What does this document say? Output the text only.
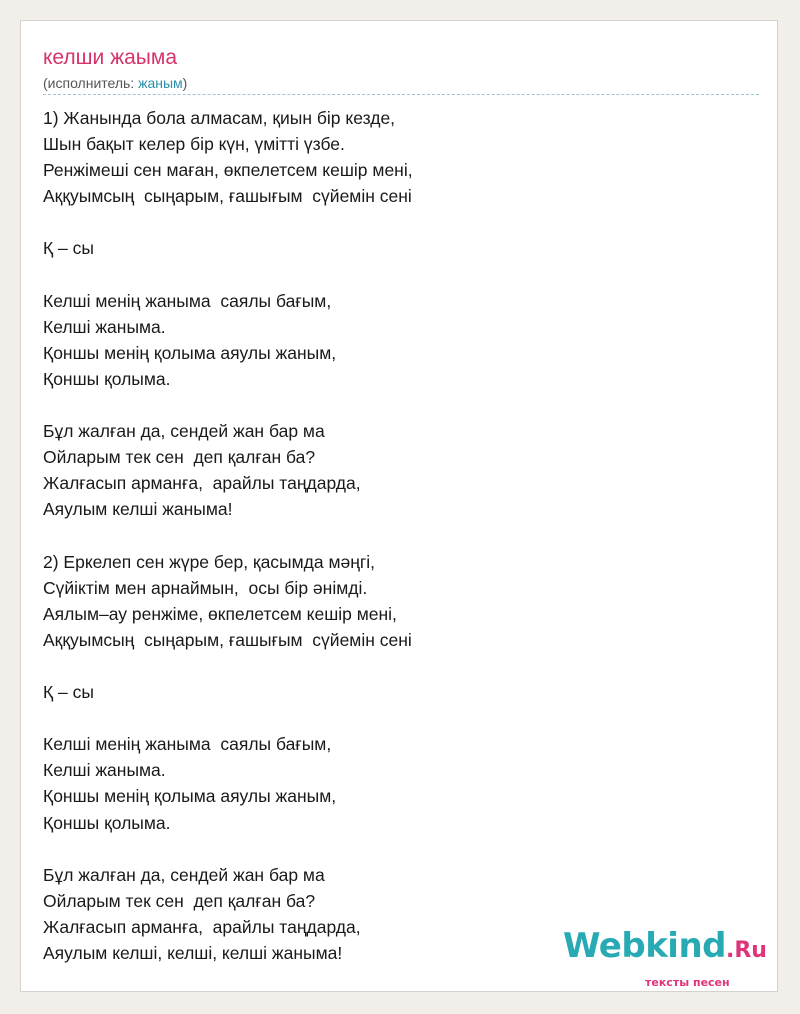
келши жаыма
(исполнитель: жаным)
1) Жанында бола алмасам, қиын бір кезде,
Шын бақыт келер бір күн, үмітті үзбе.
Ренжімеші сен маған, өкпелетсем кешір мені,
Аққуымсың  сыңарым, ғашығым  сүйемін сені
Қ – сы
Келші менің жаныма  саялы бағым,
Келші жаныма.
Қоншы менің қолыма аяулы жаным,
Қоншы қолыма.
Бұл жалған да, сендей жан бар ма
Ойларым тек сен  деп қалған ба?
Жалғасып арманға,  арайлы таңдарда,
Аяулым келші жаныма!
2) Еркелеп сен жүре бер, қасымда мәңгі,
Сүйіктім мен арнаймын,  осы бір әнімді.
Аялым–ау ренжіме, өкпелетсем кешір мені,
Аққуымсың  сыңарым, ғашығым  сүйемін сені
Қ – сы
Келші менің жаныма  саялы бағым,
Келші жаныма.
Қоншы менің қолыма аяулы жаным,
Қоншы қолыма.
Бұл жалған да, сендей жан бар ма
Ойларым тек сен  деп қалған ба?
Жалғасып арманға,  арайлы таңдарда,
Аяулым келші, келші, келші жаныма!	Webkind.Ru
тексты песен
